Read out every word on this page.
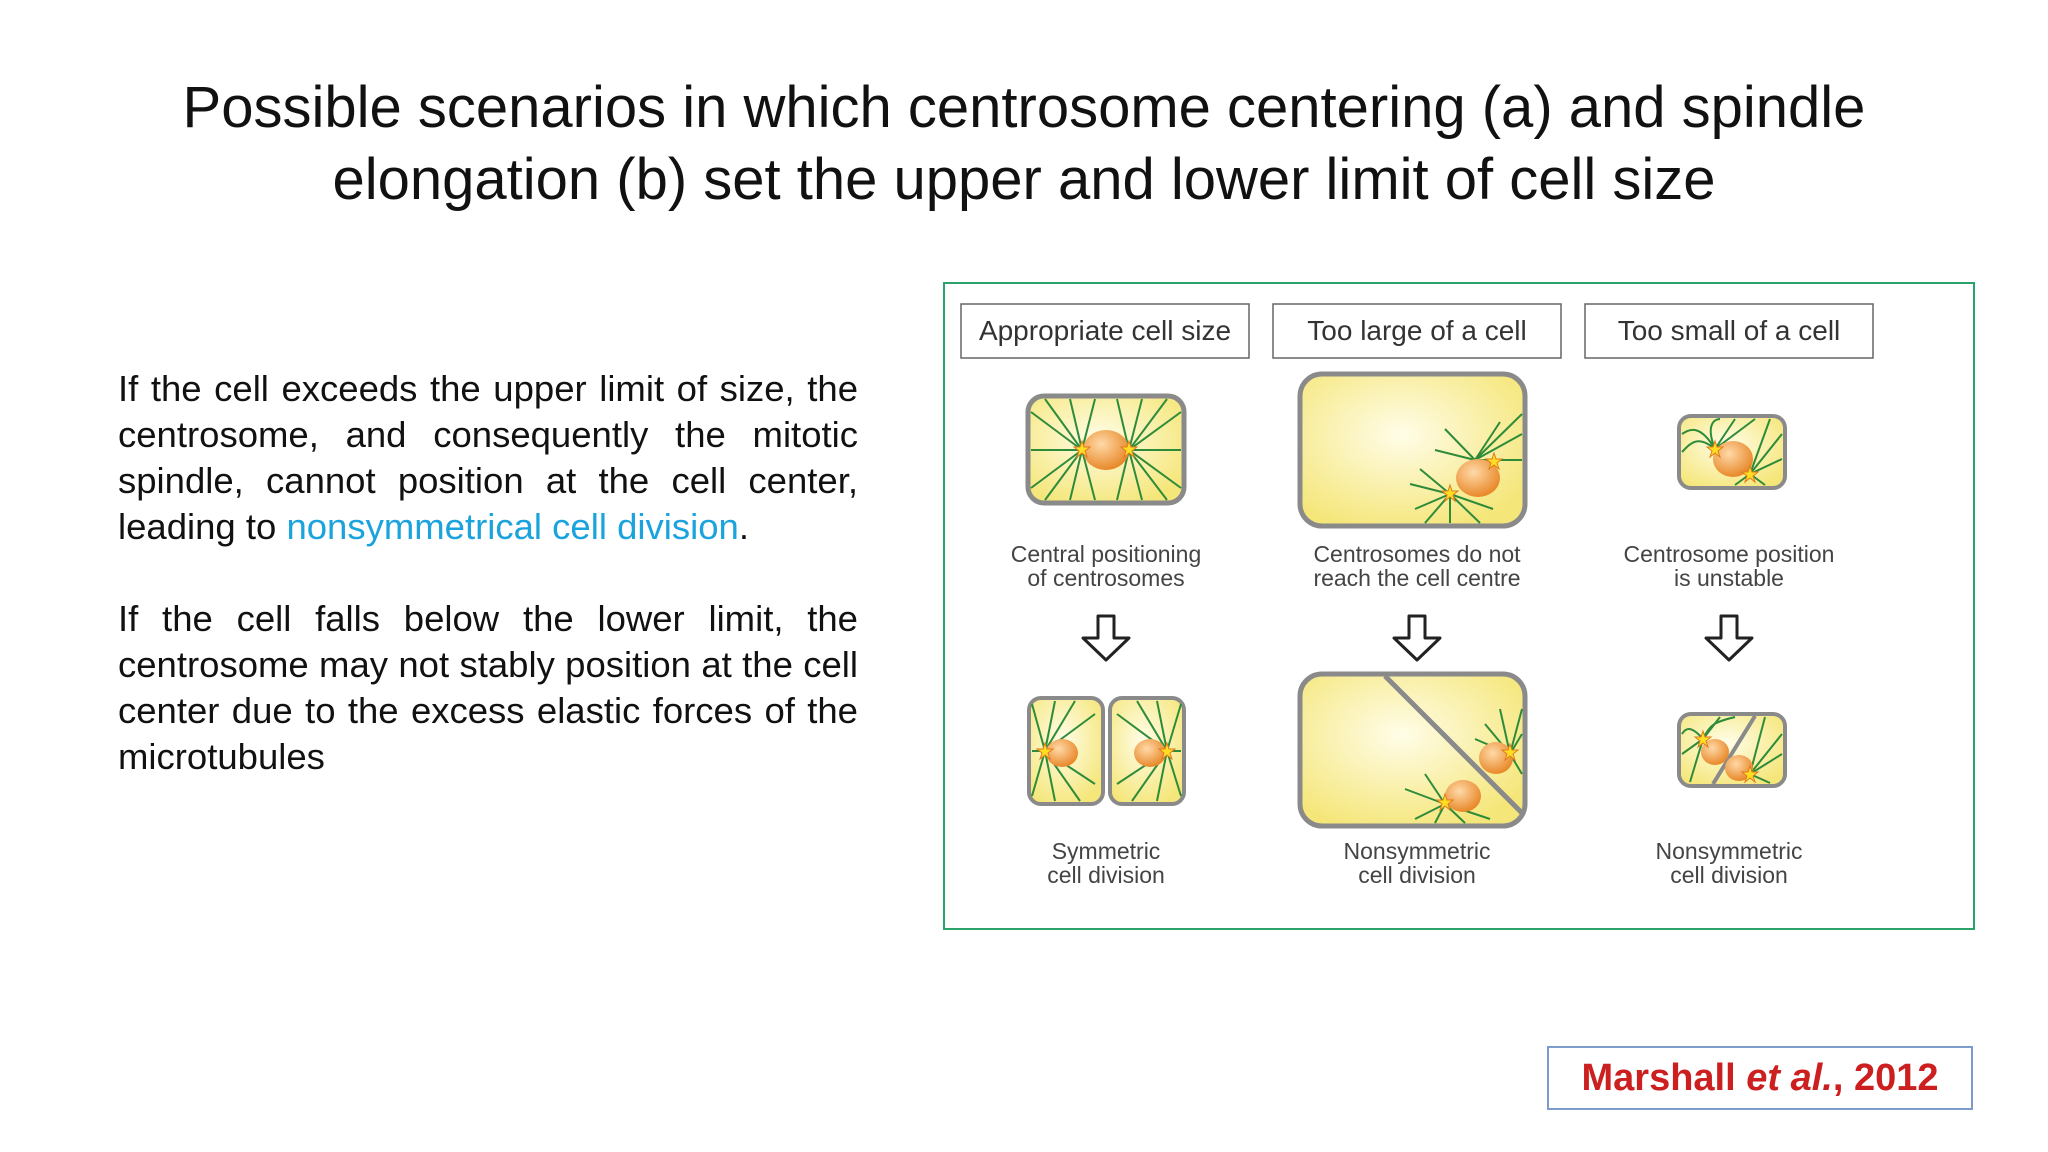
Possible scenarios in which centrosome centering (a) and spindle
elongation (b) set the upper and lower limit of cell size

If the cell exceeds the upper limit of size, the centrosome, and consequently the mitotic spindle, cannot position at the cell center, leading to nonsymmetrical cell division.

If the cell falls below the lower limit, the centrosome may not stably position at the cell center due to the excess elastic forces of the microtubules

Appropriate cell size	Too large of a cell	Too small of a cell
Central positioning
of centrosomes
Centrosomes do not
reach the cell centre
Centrosome position
is unstable
Symmetric
cell division
Nonsymmetric
cell division
Nonsymmetric
cell division
Marshall et al., 2012
